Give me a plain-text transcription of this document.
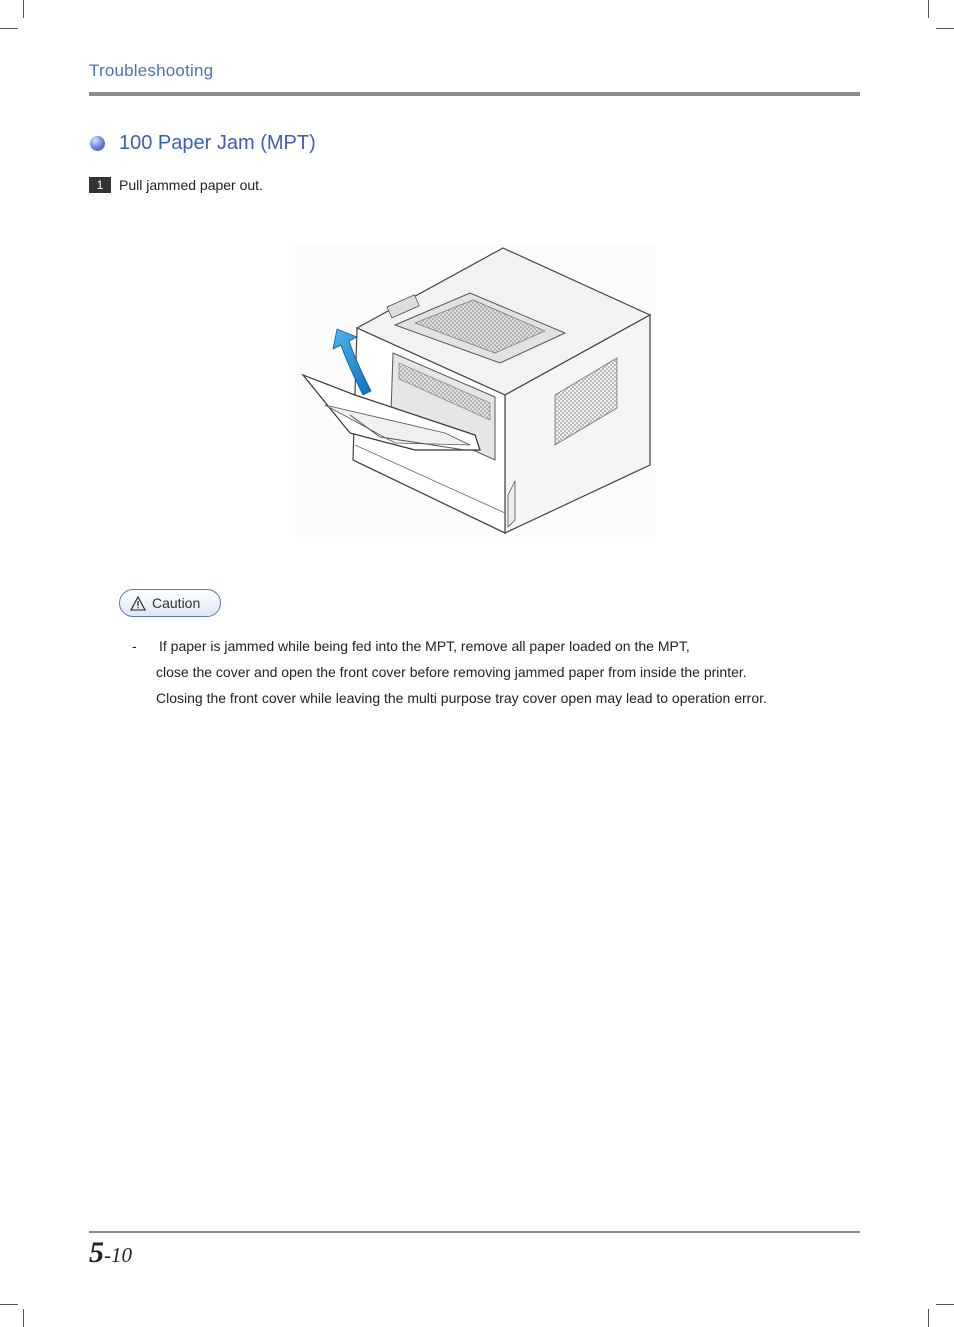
Troubleshooting
100 Paper Jam (MPT)
1	Pull jammed paper out.
Caution
- If paper is jammed while being fed into the MPT, remove all paper loaded on the MPT,
close the cover and open the front cover before removing jammed paper from inside the printer.
Closing the front cover while leaving the multi purpose tray cover open may lead to operation error.
5-10
